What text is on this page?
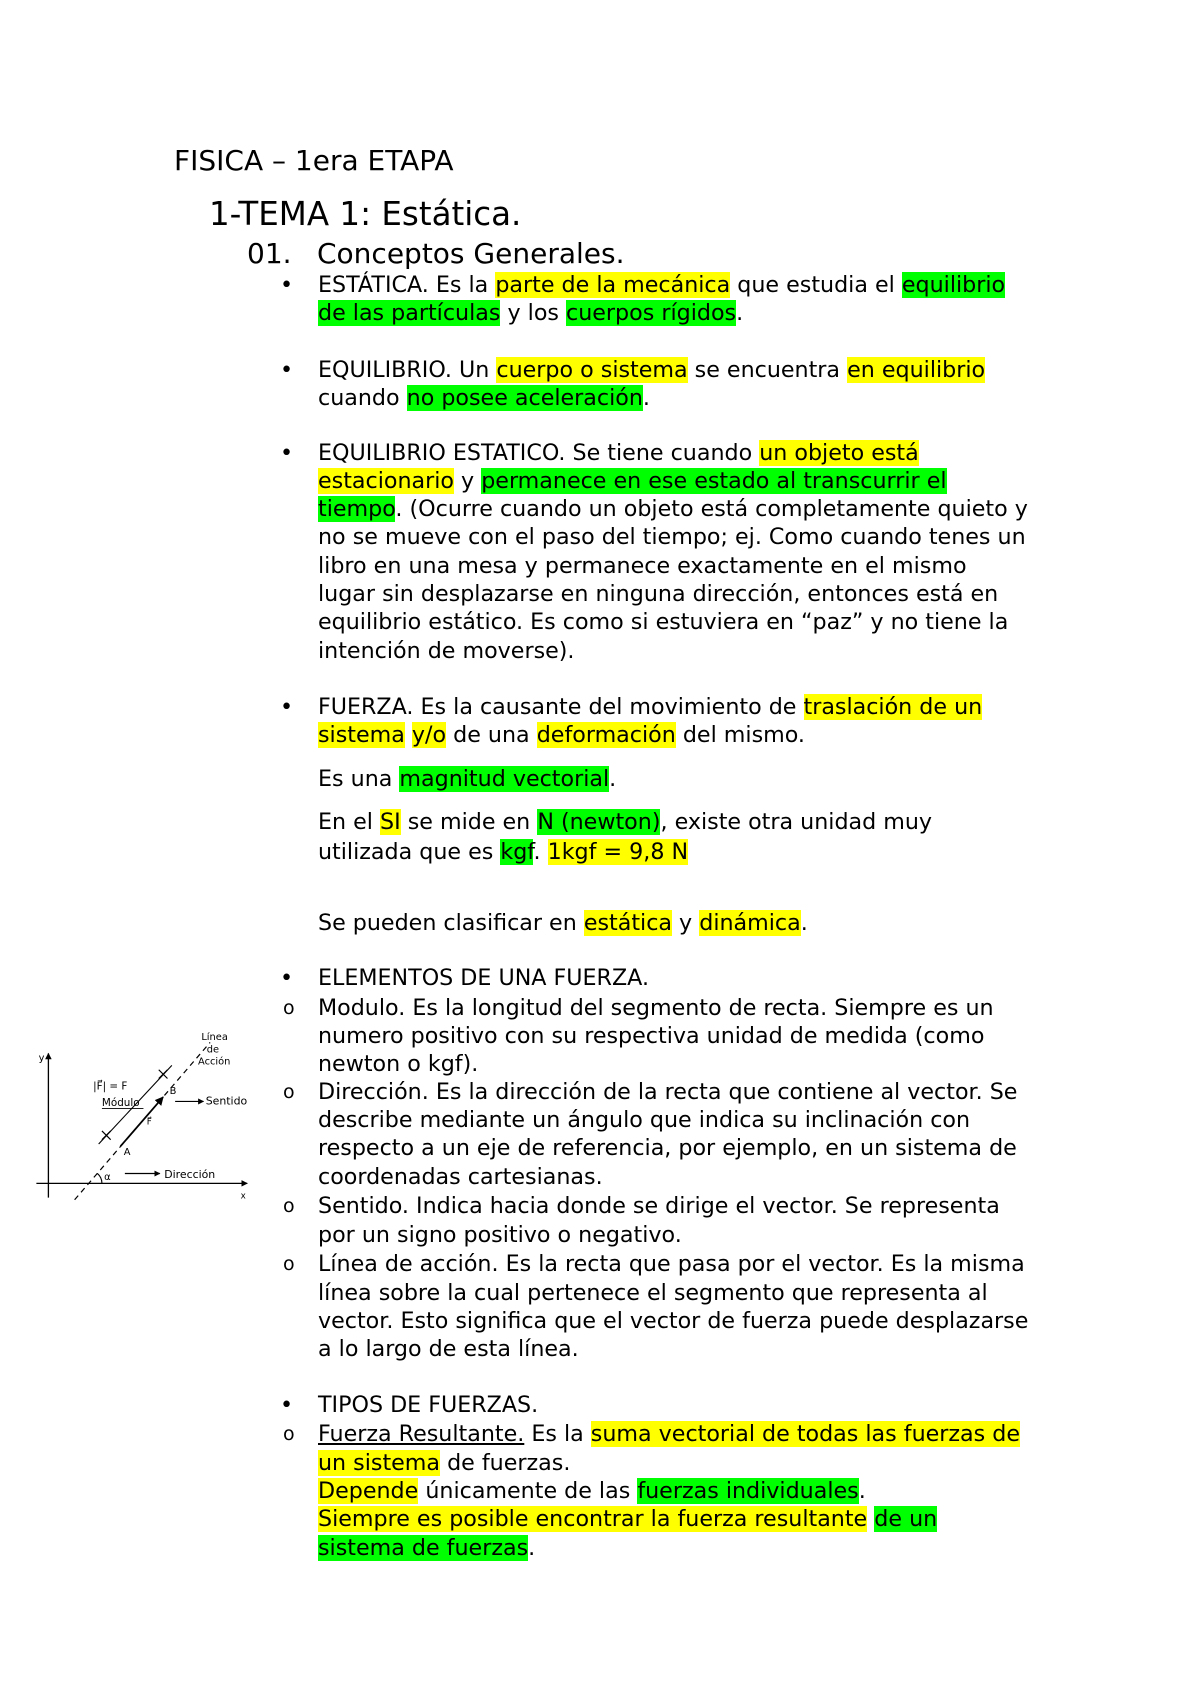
FISICA – 1era ETAPA
1-TEMA 1: Estática.
01. Conceptos Generales.
• ESTÁTICA. Es la parte de la mecánica que estudia el equilibrio
de las partículas y los cuerpos rígidos.
• EQUILIBRIO. Un cuerpo o sistema se encuentra en equilibrio
cuando no posee aceleración.
• EQUILIBRIO ESTATICO. Se tiene cuando un objeto está
estacionario y permanece en ese estado al transcurrir el
tiempo. (Ocurre cuando un objeto está completamente quieto y
no se mueve con el paso del tiempo; ej. Como cuando tenes un
libro en una mesa y permanece exactamente en el mismo
lugar sin desplazarse en ninguna dirección, entonces está en
equilibrio estático. Es como si estuviera en “paz” y no tiene la
intención de moverse).
• FUERZA. Es la causante del movimiento de traslación de un
sistema y/o de una deformación del mismo.
Es una magnitud vectorial.
En el SI se mide en N (newton), existe otra unidad muy
utilizada que es kgf. 1kgf = 9,8 N
Se pueden clasificar en estática y dinámica.
• ELEMENTOS DE UNA FUERZA.
o Modulo. Es la longitud del segmento de recta. Siempre es un
numero positivo con su respectiva unidad de medida (como
newton o kgf).
o Dirección. Es la dirección de la recta que contiene al vector. Se
describe mediante un ángulo que indica su inclinación con
respecto a un eje de referencia, por ejemplo, en un sistema de
coordenadas cartesianas.
o Sentido. Indica hacia donde se dirige el vector. Se representa
por un signo positivo o negativo.
o Línea de acción. Es la recta que pasa por el vector. Es la misma
línea sobre la cual pertenece el segmento que representa al
vector. Esto significa que el vector de fuerza puede desplazarse
a lo largo de esta línea.
• TIPOS DE FUERZAS.
o Fuerza Resultante. Es la suma vectorial de todas las fuerzas de
un sistema de fuerzas.
Depende únicamente de las fuerzas individuales.
Siempre es posible encontrar la fuerza resultante de un
sistema de fuerzas.
y
x
Línea
de
Acción
α	Dirección
A
B
F⃗
|F⃗| = F
Módulo	Sentido
